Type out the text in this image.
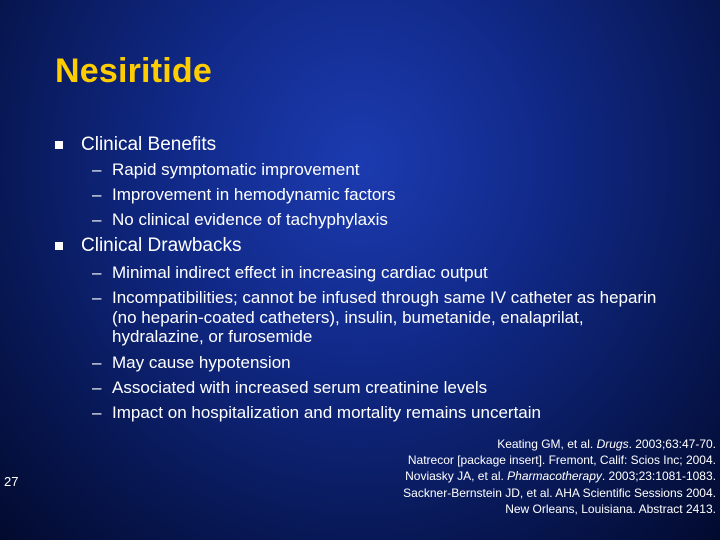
Nesiritide
Clinical Benefits
– Rapid symptomatic improvement
– Improvement in hemodynamic factors
– No clinical evidence of tachyphylaxis
Clinical Drawbacks
– Minimal indirect effect in increasing cardiac output
– Incompatibilities; cannot be infused through same IV catheter as heparin (no heparin-coated catheters), insulin, bumetanide, enalaprilat, hydralazine, or furosemide
– May cause hypotension
– Associated with increased serum creatinine levels
– Impact on hospitalization and mortality remains uncertain
27
Keating GM, et al. Drugs. 2003;63:47-70.
Natrecor [package insert]. Fremont, Calif: Scios Inc; 2004.
Noviasky JA, et al. Pharmacotherapy. 2003;23:1081-1083.
Sackner-Bernstein JD, et al. AHA Scientific Sessions 2004.
New Orleans, Louisiana. Abstract 2413.
